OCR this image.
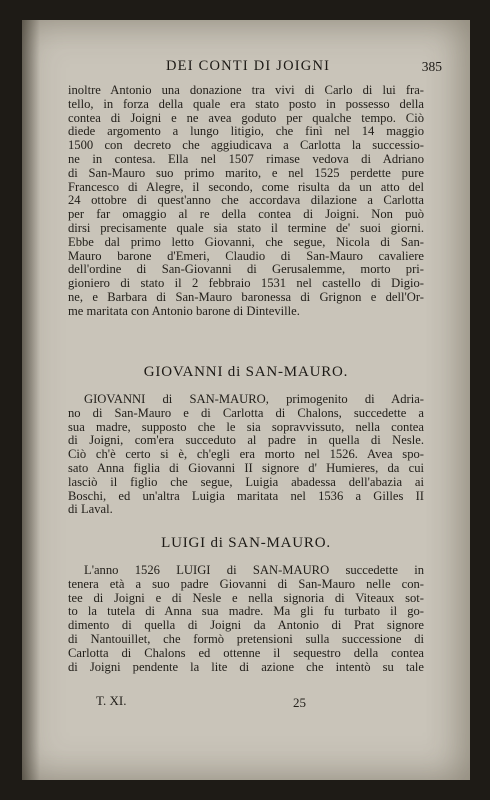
DEI CONTI DI JOIGNI	385
inoltre Antonio una donazione tra vivi di Carlo di lui fra-
tello, in forza della quale era stato posto in possesso della
contea di Joigni e ne avea goduto per qualche tempo. Ciò
diede argomento a lungo litigio, che finì nel 14 maggio
1500 con decreto che aggiudicava a Carlotta la successio-
ne in contesa. Ella nel 1507 rimase vedova di Adriano
di San-Mauro suo primo marito, e nel 1525 perdette pure
Francesco di Alegre, il secondo, come risulta da un atto del
24 ottobre di quest'anno che accordava dilazione a Carlotta
per far omaggio al re della contea di Joigni. Non può
dirsi precisamente quale sia stato il termine de' suoi giorni.
Ebbe dal primo letto Giovanni, che segue, Nicola di San-
Mauro barone d'Emeri, Claudio di San-Mauro cavaliere
dell'ordine di San-Giovanni di Gerusalemme, morto pri-
gioniero di stato il 2 febbraio 1531 nel castello di Digio-
ne, e Barbara di San-Mauro baronessa di Grignon e dell'Or-
me maritata con Antonio barone di Dinteville.
GIOVANNI di SAN-MAURO.
GIOVANNI di SAN-MAURO, primogenito di Adria-
no di San-Mauro e di Carlotta di Chalons, succedette a
sua madre, supposto che le sia sopravvissuto, nella contea
di Joigni, com'era succeduto al padre in quella di Nesle.
Ciò ch'è certo si è, ch'egli era morto nel 1526. Avea spo-
sato Anna figlia di Giovanni II signore d' Humieres, da cui
lasciò il figlio che segue, Luigia abadessa dell'abazia ai
Boschi, ed un'altra Luigia maritata nel 1536 a Gilles II
di Laval.
LUIGI di SAN-MAURO.
L'anno 1526 LUIGI di SAN-MAURO succedette in
tenera età a suo padre Giovanni di San-Mauro nelle con-
tee di Joigni e di Nesle e nella signoria di Viteaux sot-
to la tutela di Anna sua madre. Ma gli fu turbato il go-
dimento di quella di Joigni da Antonio di Prat signore
di Nantouillet, che formò pretensioni sulla successione di
Carlotta di Chalons ed ottenne il sequestro della contea
di Joigni pendente la lite di azione che intentò su tale
T. XI.	25
